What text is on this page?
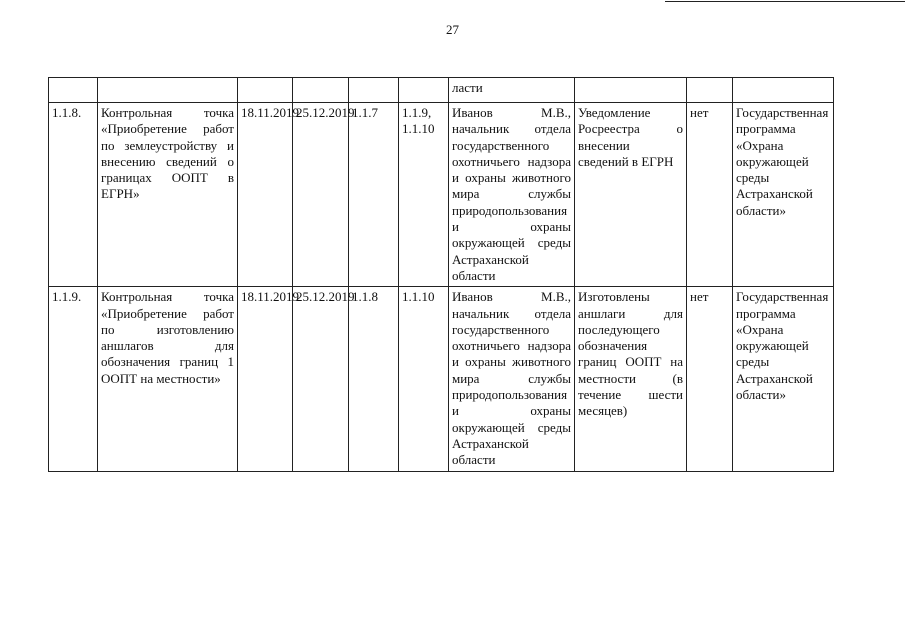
27
						ласти			
1.1.8.	Контрольная точка «Приобретение работ по землеустройству и внесению сведений о границах ООПТ в ЕГРН»	18.11.2019	25.12.2019	1.1.7	1.1.9, 1.1.10	Иванов М.В., начальник отдела государственного охотничьего надзора и охраны животного мира службы природопользования и охраны окружающей среды Астраханской области	Уведомление Росреестра о внесении сведений в ЕГРН	нет	Государственная программа «Охрана окружающей среды Астраханской области»
1.1.9.	Контрольная точка «Приобретение работ по изготовлению аншлагов для обозначения границ 1 ООПТ на местности»	18.11.2019	25.12.2019	1.1.8	1.1.10	Иванов М.В., начальник отдела государственного охотничьего надзора и охраны животного мира службы природопользования и охраны окружающей среды Астраханской области	Изготовлены аншлаги для последующего обозначения границ ООПТ на местности (в течение шести месяцев)	нет	Государственная программа «Охрана окружающей среды Астраханской области»
